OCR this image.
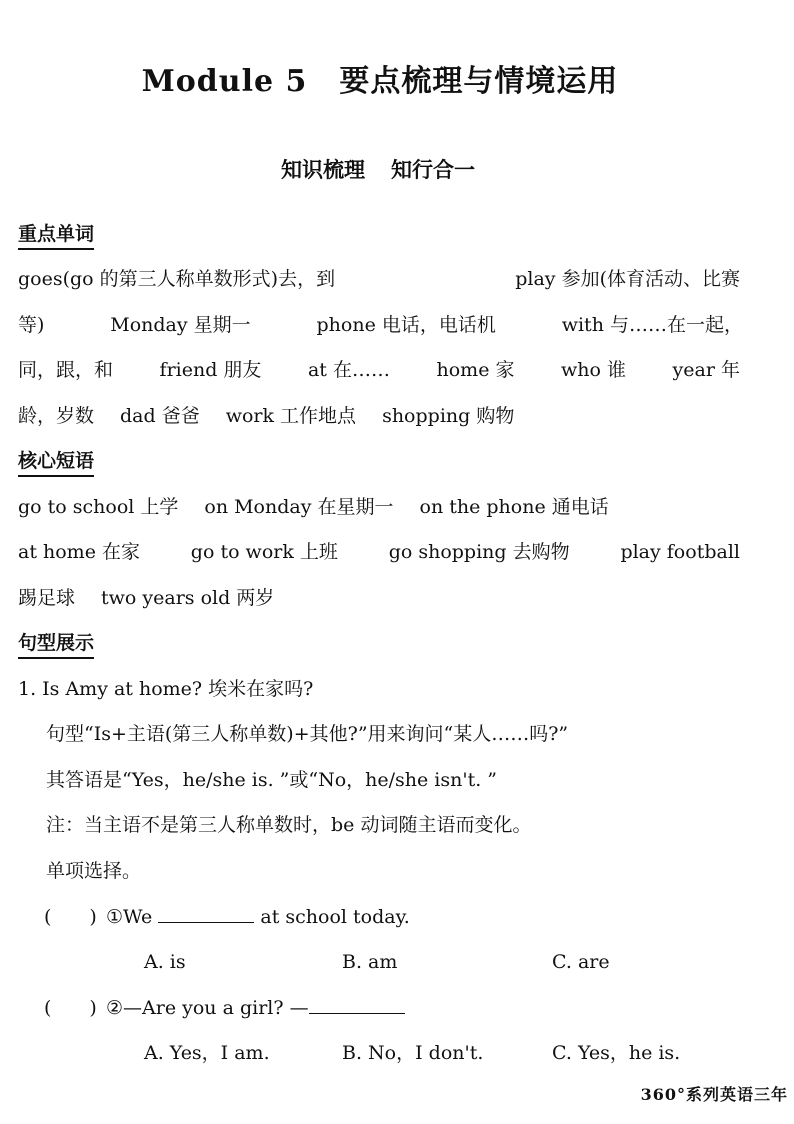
Module 5 要点梳理与情境运用
知识梳理 知行合一
重点单词
goes(go 的第三人称单数形式)去，到	play 参加(体育活动、比赛
等)	Monday 星期一	phone 电话，电话机	with 与……在一起，
同，跟，和 friend 朋友 at 在…… home 家 who 谁 year 年
龄，岁数 dad 爸爸 work 工作地点 shopping 购物
核心短语
go to school 上学 on Monday 在星期一 on the phone 通电话
at home 在家	go to work 上班	go shopping 去购物	play football
踢足球 two years old 两岁
句型展示
1. Is Amy at home? 埃米在家吗?
句型“Is+主语(第三人称单数)+其他?”用来询问“某人……吗?”
其答语是“Yes，he/she is. ”或“No，he/she isn't. ”
注：当主语不是第三人称单数时，be 动词随主语而变化。
单项选择。
(　　) ①We	at school today.
A. is	B. am	C. are
(　　) ②—Are you a girl? —
A. Yes，I am.	B. No，I don't.	C. Yes，he is.
360°系列英语三年
